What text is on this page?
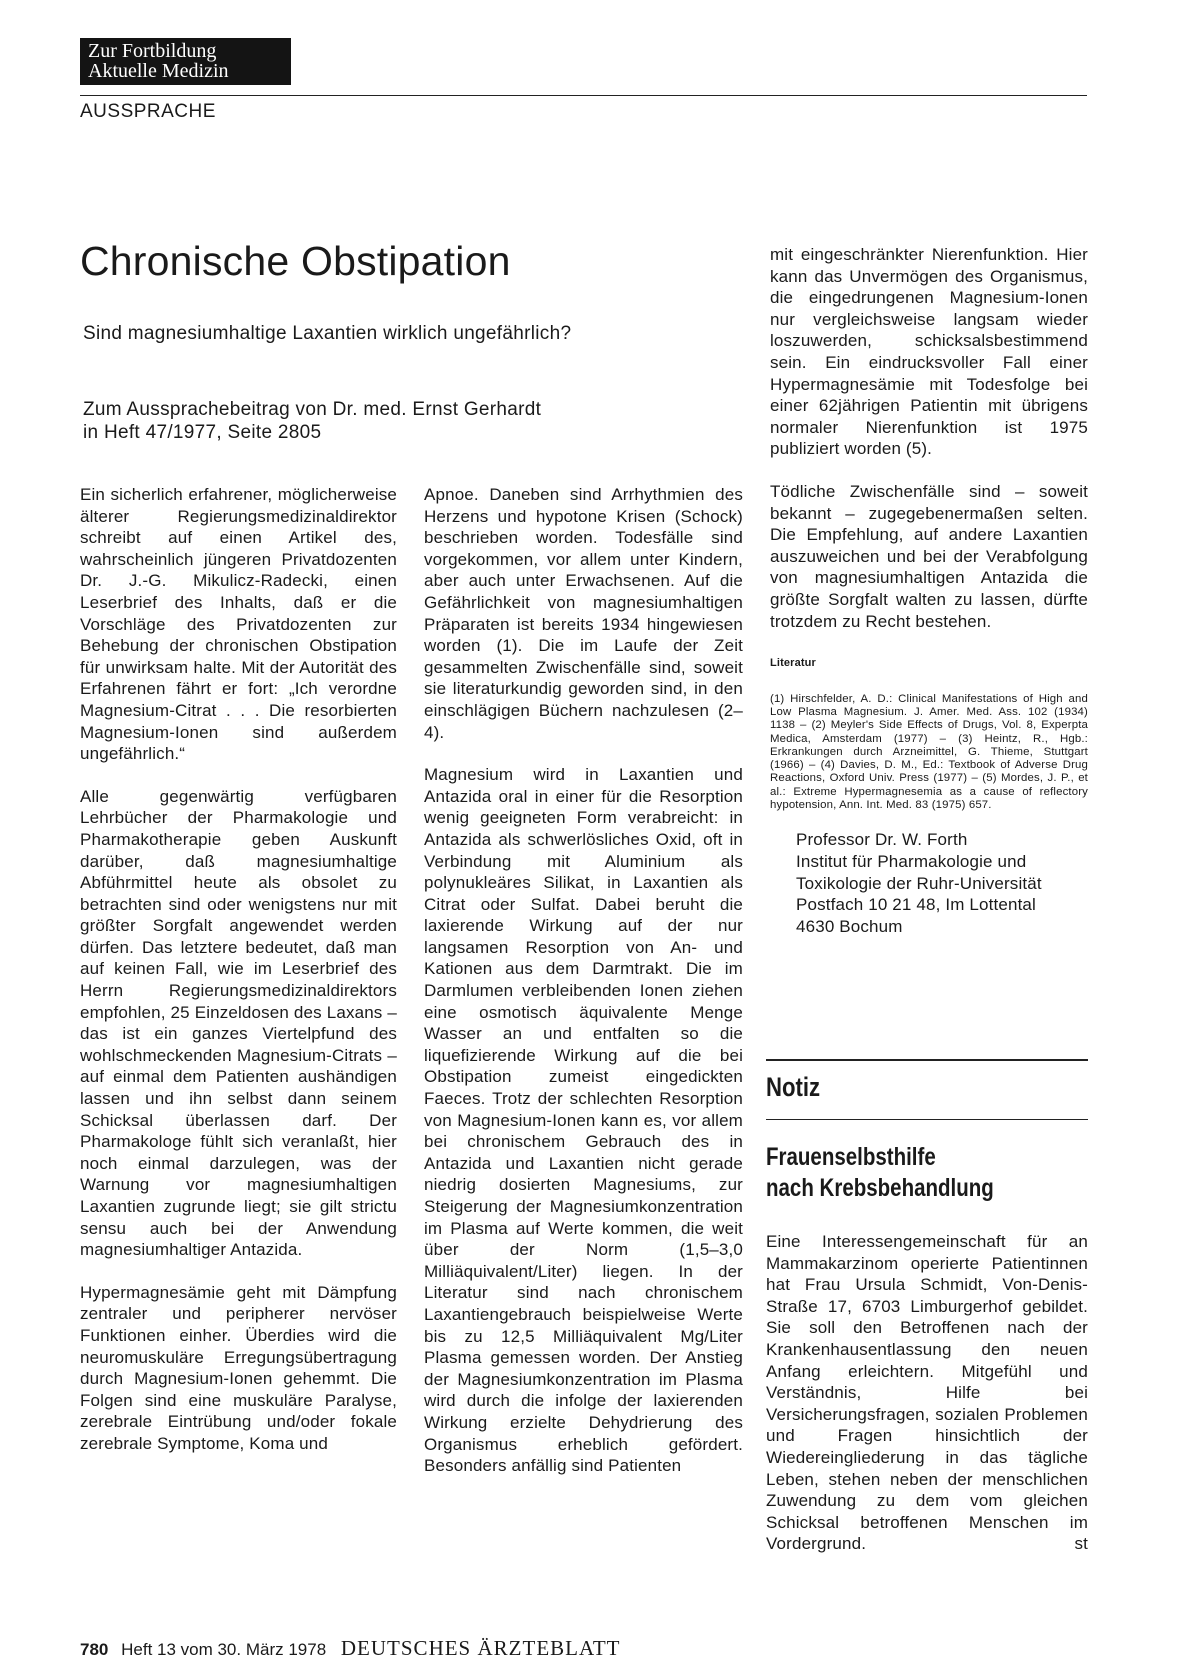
Zur Fortbildung
Aktuelle Medizin
AUSSPRACHE
Chronische Obstipation
Sind magnesiumhaltige Laxantien wirklich ungefährlich?
Zum Aussprachebeitrag von Dr. med. Ernst Gerhardt
in Heft 47/1977, Seite 2805

Ein sicherlich erfahrener, möglicherweise älterer Regierungsmedizinaldirektor schreibt auf einen Artikel des, wahrscheinlich jüngeren Privatdozenten Dr. J.-G. Mikulicz-Radecki, einen Leserbrief des Inhalts, daß er die Vorschläge des Privatdozenten zur Behebung der chronischen Obstipation für unwirksam halte. Mit der Autorität des Erfahrenen fährt er fort: „Ich verordne Magnesium-Citrat . . . Die resorbierten Magnesium-Ionen sind außerdem ungefährlich.“

Alle gegenwärtig verfügbaren Lehrbücher der Pharmakologie und Pharmakotherapie geben Auskunft darüber, daß magnesiumhaltige Abführmittel heute als obsolet zu betrachten sind oder wenigstens nur mit größter Sorgfalt angewendet werden dürfen. Das letztere bedeutet, daß man auf keinen Fall, wie im Leserbrief des Herrn Regierungsmedizinaldirektors empfohlen, 25 Einzeldosen des Laxans – das ist ein ganzes Viertelpfund des wohlschmeckenden Magnesium-Citrats – auf einmal dem Patienten aushändigen lassen und ihn selbst dann seinem Schicksal überlassen darf. Der Pharmakologe fühlt sich veranlaßt, hier noch einmal darzulegen, was der Warnung vor magnesiumhaltigen Laxantien zugrunde liegt; sie gilt strictu sensu auch bei der Anwendung magnesiumhaltiger Antazida.

Hypermagnesämie geht mit Dämpfung zentraler und peripherer nervöser Funktionen einher. Überdies wird die neuromuskuläre Erregungsübertragung durch Magnesium-Ionen gehemmt. Die Folgen sind eine muskuläre Paralyse, zerebrale Eintrübung und/oder fokale zerebrale Symptome, Koma und

Apnoe. Daneben sind Arrhythmien des Herzens und hypotone Krisen (Schock) beschrieben worden. Todesfälle sind vorgekommen, vor allem unter Kindern, aber auch unter Erwachsenen. Auf die Gefährlichkeit von magnesiumhaltigen Präparaten ist bereits 1934 hingewiesen worden (1). Die im Laufe der Zeit gesammelten Zwischenfälle sind, soweit sie literaturkundig geworden sind, in den einschlägigen Büchern nachzulesen (2–4).

Magnesium wird in Laxantien und Antazida oral in einer für die Resorption wenig geeigneten Form verabreicht: in Antazida als schwerlösliches Oxid, oft in Verbindung mit Aluminium als polynukleäres Silikat, in Laxantien als Citrat oder Sulfat. Dabei beruht die laxierende Wirkung auf der nur langsamen Resorption von An- und Kationen aus dem Darmtrakt. Die im Darmlumen verbleibenden Ionen ziehen eine osmotisch äquivalente Menge Wasser an und entfalten so die liquefizierende Wirkung auf die bei Obstipation zumeist eingedickten Faeces. Trotz der schlechten Resorption von Magnesium-Ionen kann es, vor allem bei chronischem Gebrauch des in Antazida und Laxantien nicht gerade niedrig dosierten Magnesiums, zur Steigerung der Magnesiumkonzentration im Plasma auf Werte kommen, die weit über der Norm (1,5–3,0 Milliäquivalent/Liter) liegen. In der Literatur sind nach chronischem Laxantiengebrauch beispielweise Werte bis zu 12,5 Milliäquivalent Mg/Liter Plasma gemessen worden. Der Anstieg der Magnesiumkonzentration im Plasma wird durch die infolge der laxierenden Wirkung erzielte Dehydrierung des Organismus erheblich gefördert. Besonders anfällig sind Patienten

mit eingeschränkter Nierenfunktion. Hier kann das Unvermögen des Organismus, die eingedrungenen Magnesium-Ionen nur vergleichsweise langsam wieder loszuwerden, schicksalsbestimmend sein. Ein eindrucksvoller Fall einer Hypermagnesämie mit Todesfolge bei einer 62jährigen Patientin mit übrigens normaler Nierenfunktion ist 1975 publiziert worden (5).

Tödliche Zwischenfälle sind – soweit bekannt – zugegebenermaßen selten. Die Empfehlung, auf andere Laxantien auszuweichen und bei der Verabfolgung von magnesiumhaltigen Antazida die größte Sorgfalt walten zu lassen, dürfte trotzdem zu Recht bestehen.

Literatur
(1) Hirschfelder, A. D.: Clinical Manifestations of High and Low Plasma Magnesium. J. Amer. Med. Ass. 102 (1934) 1138 – (2) Meyler's Side Effects of Drugs, Vol. 8, Experpta Medica, Amsterdam (1977) – (3) Heintz, R., Hgb.: Erkrankungen durch Arzneimittel, G. Thieme, Stuttgart (1966) – (4) Davies, D. M., Ed.: Textbook of Adverse Drug Reactions, Oxford Univ. Press (1977) – (5) Mordes, J. P., et al.: Extreme Hypermagnesemia as a cause of reflectory hypotension, Ann. Int. Med. 83 (1975) 657.
Professor Dr. W. Forth
Institut für Pharmakologie und
Toxikologie der Ruhr-Universität
Postfach 10 21 48, Im Lottental
4630 Bochum
Notiz
Frauenselbsthilfe
nach Krebsbehandlung
Eine Interessengemeinschaft für an Mammakarzinom operierte Patientinnen hat Frau Ursula Schmidt, Von-Denis-Straße 17, 6703 Limburgerhof gebildet. Sie soll den Betroffenen nach der Krankenhausentlassung den neuen Anfang erleichtern. Mitgefühl und Verständnis, Hilfe bei Versicherungsfragen, sozialen Problemen und Fragen hinsichtlich der Wiedereingliederung in das tägliche Leben, stehen neben der menschlichen Zuwendung zu dem vom gleichen Schicksal betroffenen Menschen im Vordergrund.	st
780 Heft 13 vom 30. März 1978 DEUTSCHES ÄRZTEBLATT
